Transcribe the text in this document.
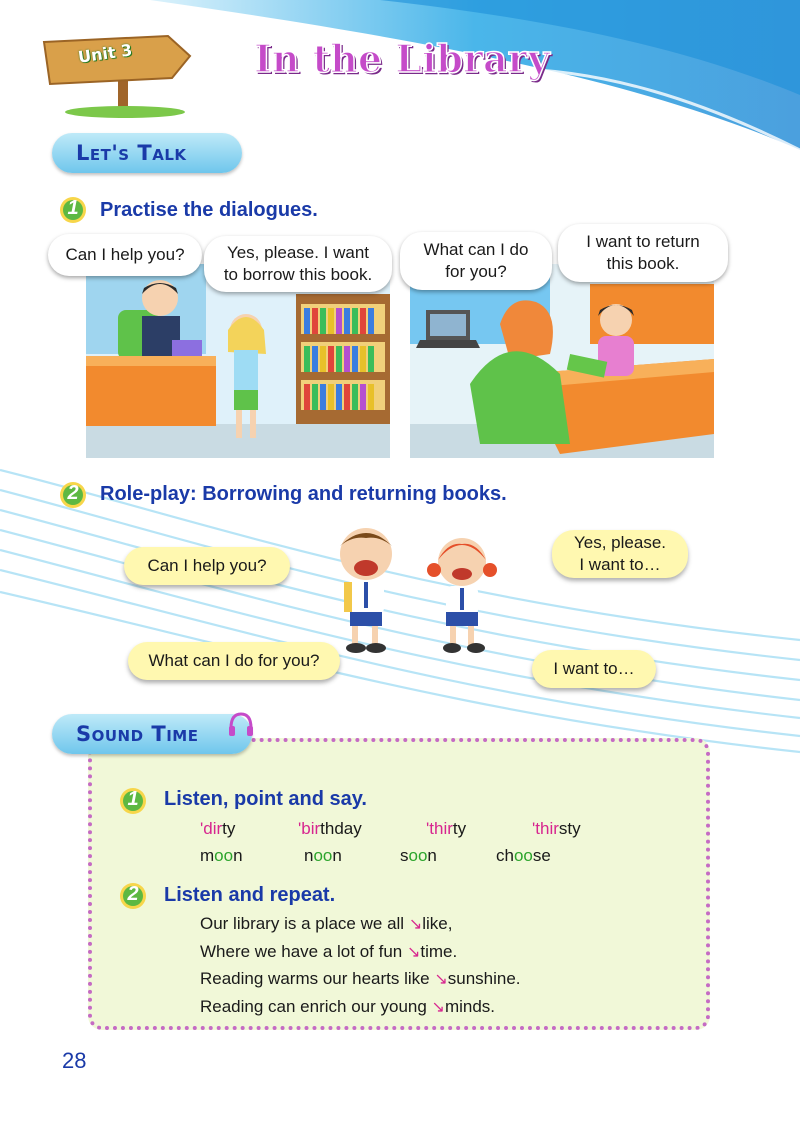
Unit 3	In the Library
Let's Talk
1	Practise the dialogues.
Can I help you? Yes, please. I want
to borrow this book.
What can I do
for you?
I want to return
this book.
2	Role-play: Borrowing and returning books.
Can I help you?
Yes, please.
I want to…
What can I do for you?	I want to…
Sound Time
1	Listen, point and say.
'dirty	'birthday	'thirty	'thirsty
moon	noon	soon	choose
2	Listen and repeat.
Our library is a place we all ↘like,
Where we have a lot of fun ↘time.
Reading warms our hearts like ↘sunshine.
Reading can enrich our young ↘minds.
28
